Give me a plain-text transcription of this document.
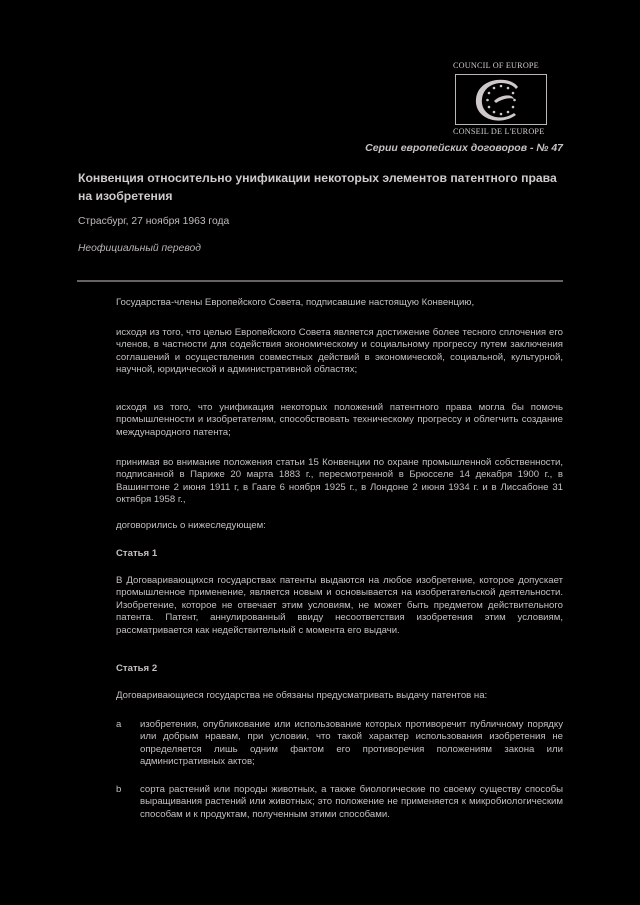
COUNCIL OF EUROPE
CONSEIL DE L'EUROPE
Серии европейских договоров - № 47
Конвенция относительно унификации некоторых элементов патентного права на изобретения
Страсбург, 27 ноября 1963 года
Неофициальный перевод
Государства-члены Европейского Совета, подписавшие настоящую Конвенцию,
исходя из того, что целью Европейского Совета является достижение более тесного сплочения его членов, в частности для содействия экономическому и социальному прогрессу путем заключения соглашений и осуществления совместных действий в экономической, социальной, культурной, научной, юридической и административной областях;
исходя из того, что унификация некоторых положений патентного права могла бы помочь промышленности и изобретателям, способствовать техническому прогрессу и облегчить создание международного патента;
принимая во внимание положения статьи 15 Конвенции по охране промышленной собственности, подписанной в Париже 20 марта 1883 г., пересмотренной в Брюсселе 14 декабря 1900 г., в Вашингтоне 2 июня 1911 г, в Гааге 6 ноября 1925 г., в Лондоне 2 июня 1934 г. и в Лиссабоне 31 октября 1958 г.,
договорились о нижеследующем:
Статья 1
В Договаривающихся государствах патенты выдаются на любое изобретение, которое допускает промышленное применение, является новым и основывается на изобретательской деятельности. Изобретение, которое не отвечает этим условиям, не может быть предметом действительного патента. Патент, аннулированный ввиду несоответствия изобретения этим условиям, рассматривается как недействительный с момента его выдачи.
Статья 2
Договаривающиеся государства не обязаны предусматривать выдачу патентов на:
a	изобретения, опубликование или использование которых противоречит публичному порядку или добрым нравам, при условии, что такой характер использования изобретения не определяется лишь одним фактом его противоречия положениям закона или административных актов;
b	сорта растений или породы животных, а также биологические по своему существу способы выращивания растений или животных; это положение не применяется к микробиологическим способам и к продуктам, полученным этими способами.
